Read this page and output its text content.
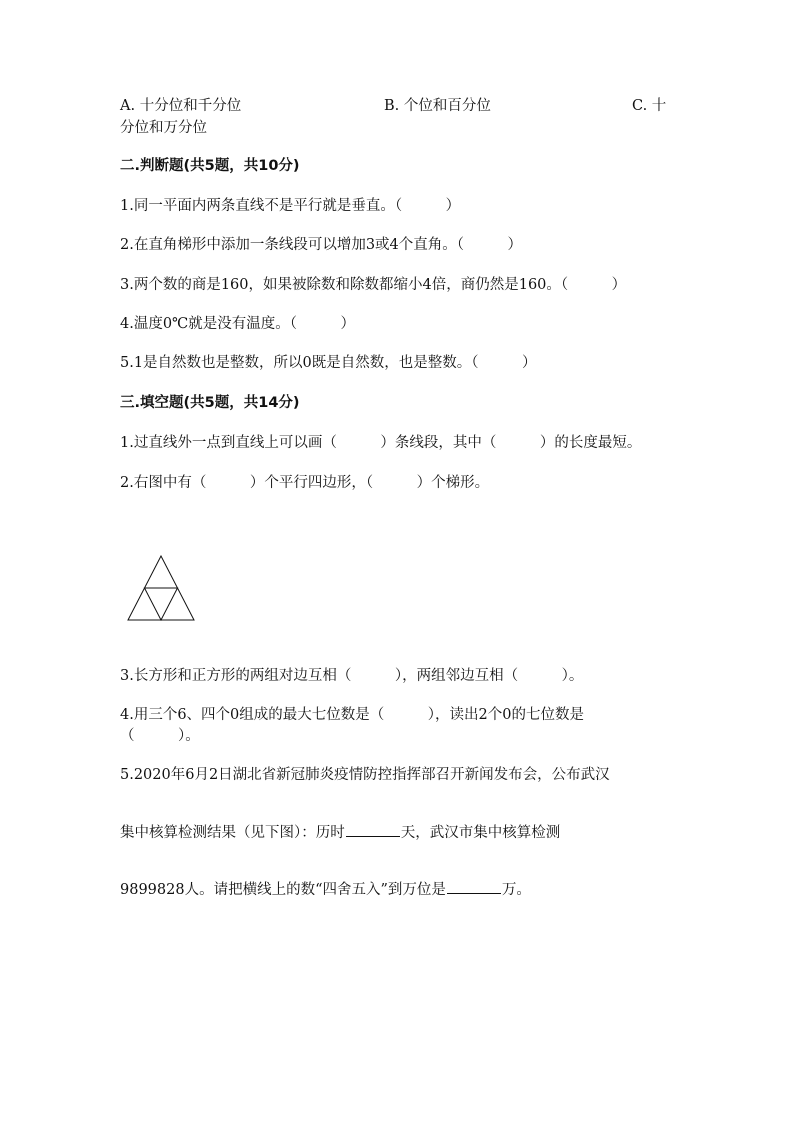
A. 十分位和千分位	B. 个位和百分位	C. 十
分位和万分位
二.判断题(共5题，共10分)
1.同一平面内两条直线不是平行就是垂直。（　　　）
2.在直角梯形中添加一条线段可以增加3或4个直角。（　　　）
3.两个数的商是160，如果被除数和除数都缩小4倍，商仍然是160。（　　　）
4.温度0℃就是没有温度。（　　　）
5.1是自然数也是整数，所以0既是自然数，也是整数。（　　　）
三.填空题(共5题，共14分)
1.过直线外一点到直线上可以画（　　　）条线段，其中（　　　）的长度最短。
2.右图中有（　　　）个平行四边形，（　　　）个梯形。
3.长方形和正方形的两组对边互相（　　　），两组邻边互相（　　　）。
4.用三个6、四个0组成的最大七位数是（　　　），读出2个0的七位数是
（　　　）。
5.2020年6月2日湖北省新冠肺炎疫情防控指挥部召开新闻发布会，公布武汉
集中核算检测结果（见下图）：历时	天，武汉市集中核算检测
9899828人。请把横线上的数“四舍五入”到万位是	万。
